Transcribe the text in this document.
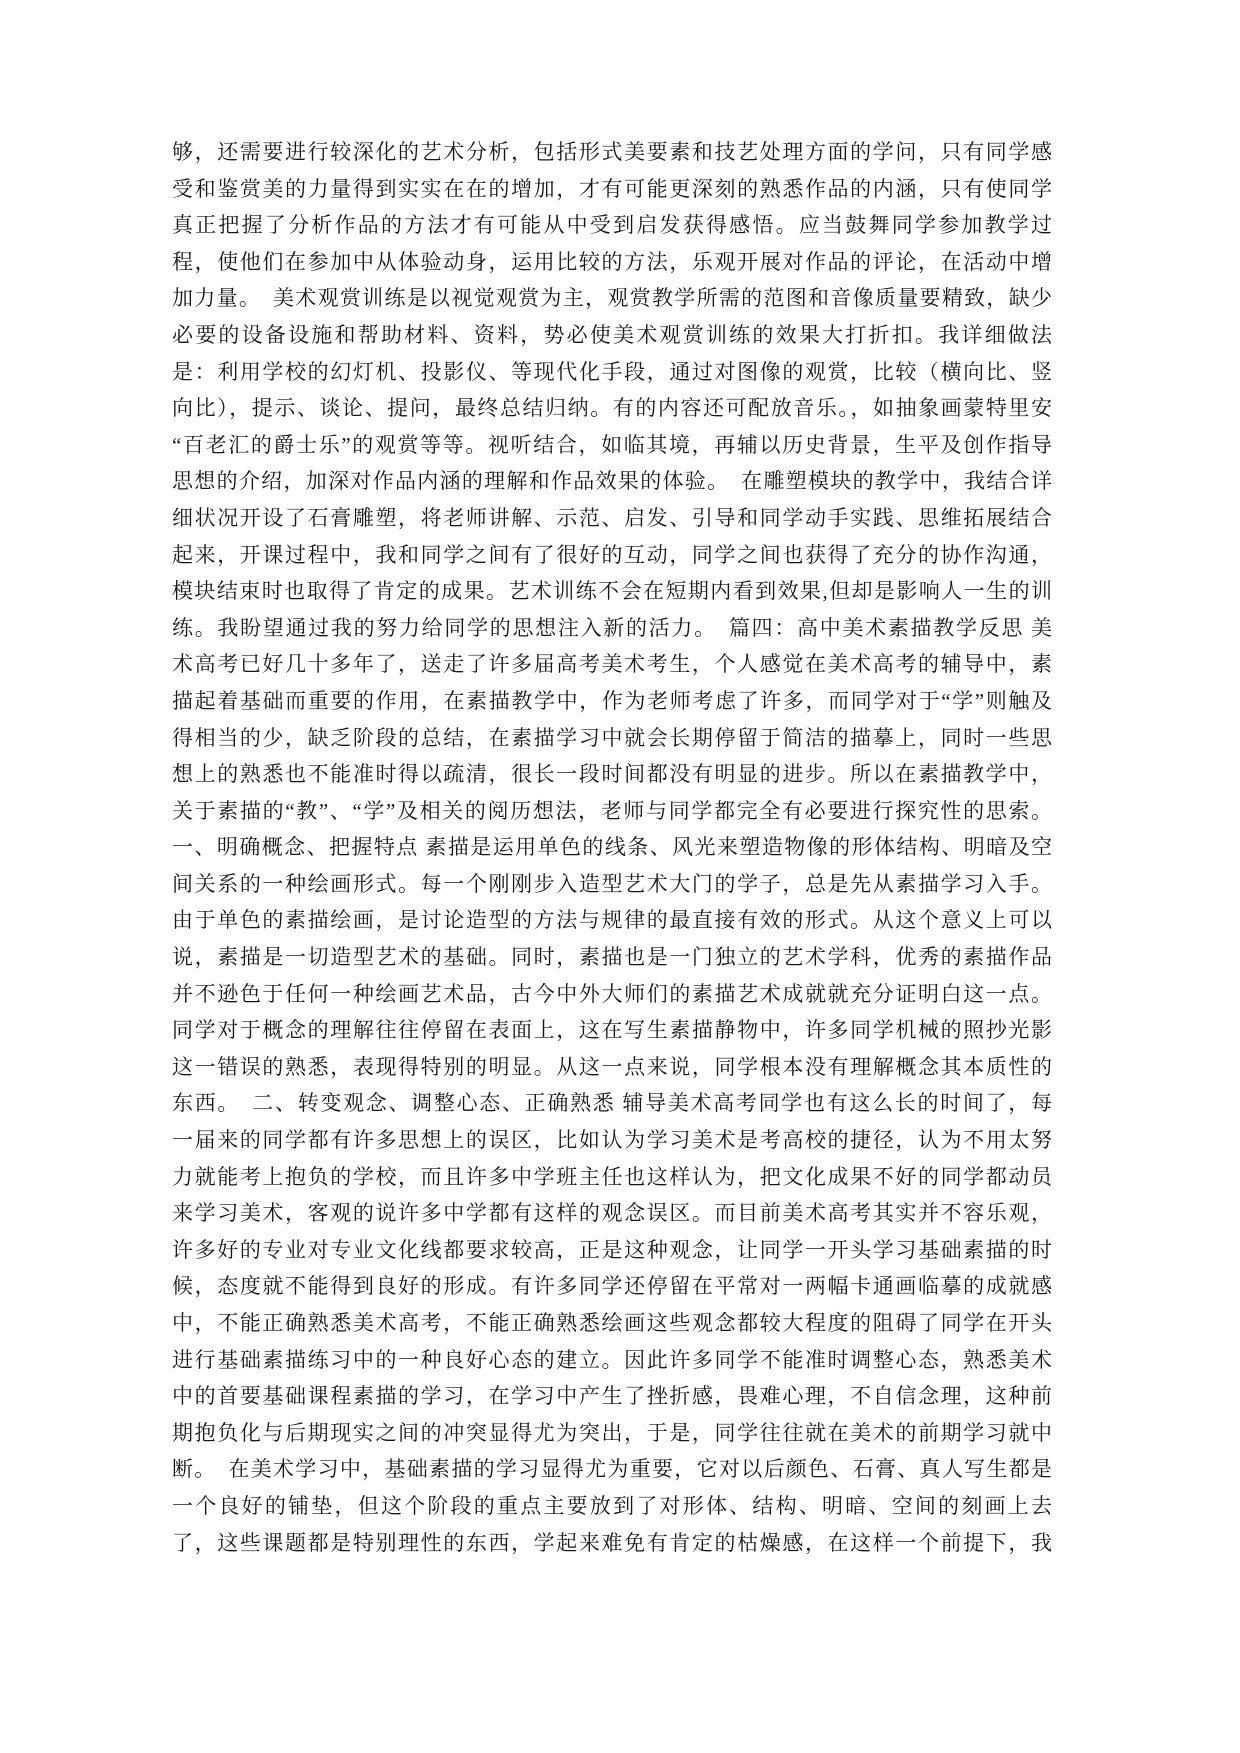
够，还需要进行较深化的艺术分析，包括形式美要素和技艺处理方面的学问，只有同学感
受和鉴赏美的力量得到实实在在的增加，才有可能更深刻的熟悉作品的内涵，只有使同学
真正把握了分析作品的方法才有可能从中受到启发获得感悟。应当鼓舞同学参加教学过
程，使他们在参加中从体验动身，运用比较的方法，乐观开展对作品的评论，在活动中增
加力量。　美术观赏训练是以视觉观赏为主，观赏教学所需的范图和音像质量要精致，缺少
必要的设备设施和帮助材料、资料，势必使美术观赏训练的效果大打折扣。我详细做法
是：利用学校的幻灯机、投影仪、等现代化手段，通过对图像的观赏，比较（横向比、竖
向比），提示、谈论、提问，最终总结归纳。有的内容还可配放音乐。，如抽象画蒙特里安
“百老汇的爵士乐”的观赏等等。视听结合，如临其境，再辅以历史背景，生平及创作指导
思想的介绍，加深对作品内涵的理解和作品效果的体验。　在雕塑模块的教学中，我结合详
细状况开设了石膏雕塑，将老师讲解、示范、启发、引导和同学动手实践、思维拓展结合
起来，开课过程中，我和同学之间有了很好的互动，同学之间也获得了充分的协作沟通，
模块结束时也取得了肯定的成果。艺术训练不会在短期内看到效果,但却是影响人一生的训
练。我盼望通过我的努力给同学的思想注入新的活力。　篇四：高中美术素描教学反思 美
术高考已好几十多年了，送走了许多届高考美术考生，个人感觉在美术高考的辅导中，素
描起着基础而重要的作用，在素描教学中，作为老师考虑了许多，而同学对于“学”则触及
得相当的少，缺乏阶段的总结，在素描学习中就会长期停留于简洁的描摹上，同时一些思
想上的熟悉也不能准时得以疏清，很长一段时间都没有明显的进步。所以在素描教学中，
关于素描的“教”、“学”及相关的阅历想法，老师与同学都完全有必要进行探究性的思索。
一、明确概念、把握特点 素描是运用单色的线条、风光来塑造物像的形体结构、明暗及空
间关系的一种绘画形式。每一个刚刚步入造型艺术大门的学子，总是先从素描学习入手。
由于单色的素描绘画，是讨论造型的方法与规律的最直接有效的形式。从这个意义上可以
说，素描是一切造型艺术的基础。同时，素描也是一门独立的艺术学科，优秀的素描作品
并不逊色于任何一种绘画艺术品，古今中外大师们的素描艺术成就就充分证明白这一点。
同学对于概念的理解往往停留在表面上，这在写生素描静物中，许多同学机械的照抄光影
这一错误的熟悉，表现得特别的明显。从这一点来说，同学根本没有理解概念其本质性的
东西。　二、转变观念、调整心态、正确熟悉 辅导美术高考同学也有这么长的时间了，每
一届来的同学都有许多思想上的误区，比如认为学习美术是考高校的捷径，认为不用太努
力就能考上抱负的学校，而且许多中学班主任也这样认为，把文化成果不好的同学都动员
来学习美术，客观的说许多中学都有这样的观念误区。而目前美术高考其实并不容乐观，
许多好的专业对专业文化线都要求较高，正是这种观念，让同学一开头学习基础素描的时
候，态度就不能得到良好的形成。有许多同学还停留在平常对一两幅卡通画临摹的成就感
中，不能正确熟悉美术高考，不能正确熟悉绘画这些观念都较大程度的阻碍了同学在开头
进行基础素描练习中的一种良好心态的建立。因此许多同学不能准时调整心态，熟悉美术
中的首要基础课程素描的学习，在学习中产生了挫折感，畏难心理，不自信念理，这种前
期抱负化与后期现实之间的冲突显得尤为突出，于是，同学往往就在美术的前期学习就中
断。　在美术学习中，基础素描的学习显得尤为重要，它对以后颜色、石膏、真人写生都是
一个良好的铺垫，但这个阶段的重点主要放到了对形体、结构、明暗、空间的刻画上去
了，这些课题都是特别理性的东西，学起来难免有肯定的枯燥感，在这样一个前提下，我
